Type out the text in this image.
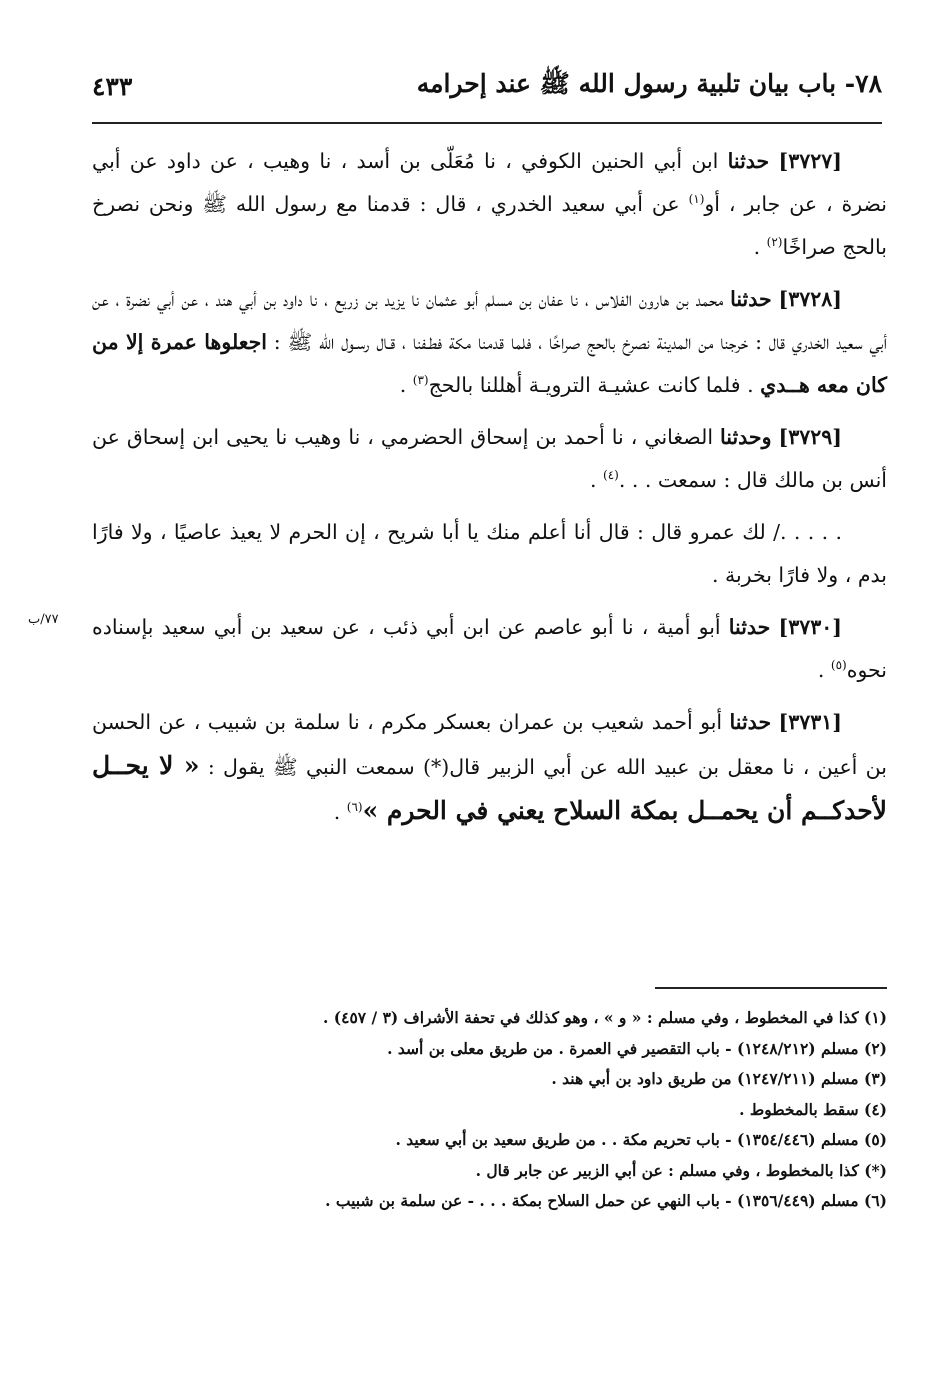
٧٨- باب بيان تلبية رسول الله ﷺ عند إحرامه
٤٣٣
٧٧/ب

[٣٧٢٧] حدثنا ابن أبي الحنين الكوفي ، نا مُعَلّى بن أسد ، نا وهيب ، عن داود عن أبي نضرة ، عن جابر ، أو$^{(١)}$ عن أبي سعيد الخدري ، قال : قدمنا مع رسول الله ﷺ ونحن نصرخ بالحج صراخًا$^{(٢)}$ .

[٣٧٢٨] حدثنا محمد بن هارون الفلاس ، نا عفان بن مسلم أبو عثمان نا يزيد بن زريع ، نا داود بن أبي هند ، عن أبي نضرة ، عن أبي سعيد الخدري قال : خرجنا من المدينة نصرخ بالحج صراخًا ، فلما قدمنا مكة فطـفنا ، قـال رسـول الله ﷺ : اجعلوها عمرة إلا من كان معه هــدي . فلما كانت عشيـة الترويـة أهللنا بالحج$^{(٣)}$ .

[٣٧٢٩] وحدثنا الصغاني ، نا أحمد بن إسحاق الحضرمي ، نا وهيب نا يحيى ابن إسحاق عن أنس بن مالك قال : سمعت . . .$^{(٤)}$ .

. . . . ./ لك عمرو قال : قال أنا أعلم منك يا أبا شريح ، إن الحرم لا يعيذ عاصيًا ، ولا فارًا بدم ، ولا فارًا بخربة .

[٣٧٣٠] حدثنا أبو أمية ، نا أبو عاصم عن ابن أبي ذئب ، عن سعيد بن أبي سعيد بإسناده نحوه$^{(٥)}$ .

[٣٧٣١] حدثنا أبو أحمد شعيب بن عمران بعسكر مكرم ، نا سلمة بن شبيب ، عن الحسن بن أعين ، نا معقل بن عبيد الله عن أبي الزبير قال(*) سمعت النبي ﷺ يقول : « لا يحــل لأحدكــم أن يحمــل بمكة السلاح يعني في الحرم »$^{(٦)}$ .

(١) كذا في المخطوط ، وفي مسلم : « و » ، وهو كذلك في تحفة الأشراف (٣ / ٤٥٧) .

(٢) مسلم (١٢٤٨/٢١٢) - باب التقصير في العمرة . من طريق معلى بن أسد .

(٣) مسلم (١٢٤٧/٢١١) من طريق داود بن أبي هند .

(٤) سقط بالمخطوط .

(٥) مسلم (١٣٥٤/٤٤٦) - باب تحريم مكة . . من طريق سعيد بن أبي سعيد .

(*) كذا بالمخطوط ، وفي مسلم : عن أبي الزبير عن جابر قال .

(٦) مسلم (١٣٥٦/٤٤٩) - باب النهي عن حمل السلاح بمكة . . . - عن سلمة بن شبيب .
